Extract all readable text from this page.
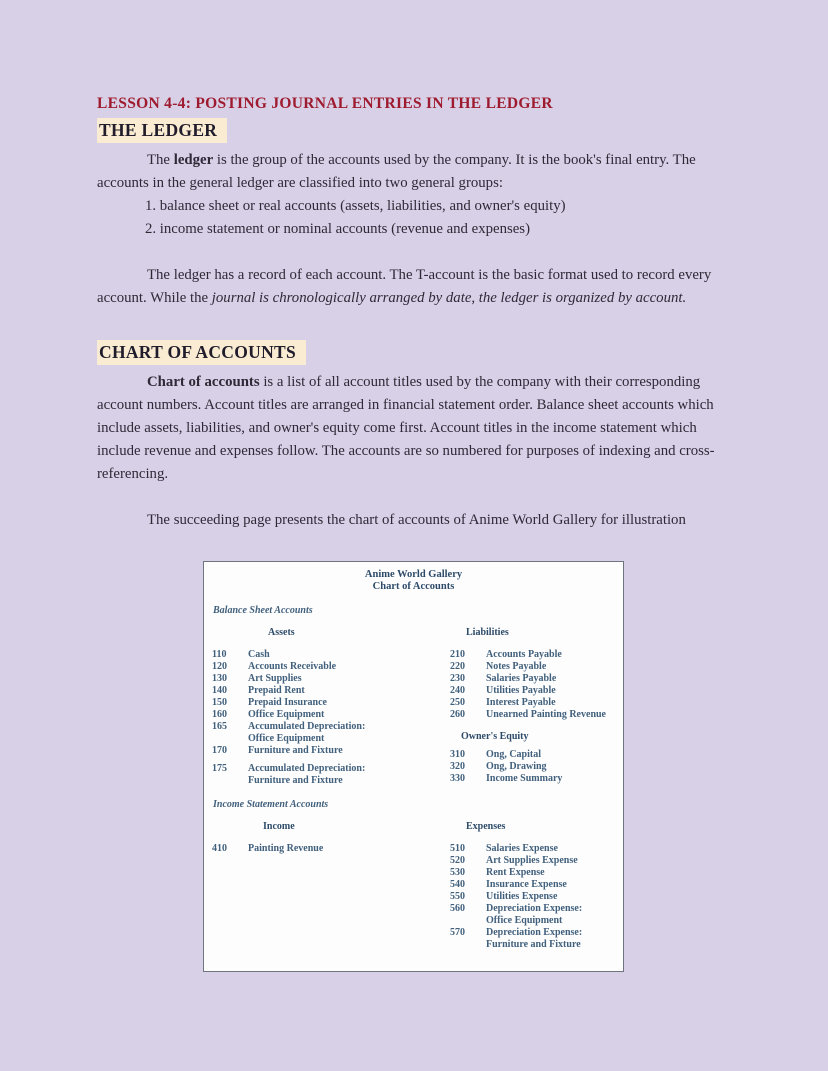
LESSON 4-4: POSTING JOURNAL ENTRIES IN THE LEDGER
THE LEDGER

The ledger is the group of the accounts used by the company. It is the book's final entry. The accounts in the general ledger are classified into two general groups:

1. balance sheet or real accounts (assets, liabilities, and owner's equity)
2. income statement or nominal accounts (revenue and expenses)

The ledger has a record of each account. The T-account is the basic format used to record every account. While the journal is chronologically arranged by date, the ledger is organized by account.

CHART OF ACCOUNTS

Chart of accounts is a list of all account titles used by the company with their corresponding account numbers. Account titles are arranged in financial statement order. Balance sheet accounts which include assets, liabilities, and owner's equity come first. Account titles in the income statement which include revenue and expenses follow. The accounts are so numbered for purposes of indexing and cross-referencing.

The succeeding page presents the chart of accounts of Anime World Gallery for illustration

Anime World Gallery
Chart of Accounts
Balance Sheet Accounts
Assets
110	Cash
120	Accounts Receivable
130	Art Supplies
140	Prepaid Rent
150	Prepaid Insurance
160	Office Equipment
165	Accumulated Depreciation:
Office Equipment
170	Furniture and Fixture
175	Accumulated Depreciation:
Furniture and Fixture
Liabilities
210	Accounts Payable
220	Notes Payable
230	Salaries Payable
240	Utilities Payable
250	Interest Payable
260	Unearned Painting Revenue
Owner's Equity
310	Ong, Capital
320	Ong, Drawing
330	Income Summary
Income Statement Accounts
Income
410	Painting Revenue
Expenses
510	Salaries Expense
520	Art Supplies Expense
530	Rent Expense
540	Insurance Expense
550	Utilities Expense
560	Depreciation Expense:
Office Equipment
570	Depreciation Expense:
Furniture and Fixture
